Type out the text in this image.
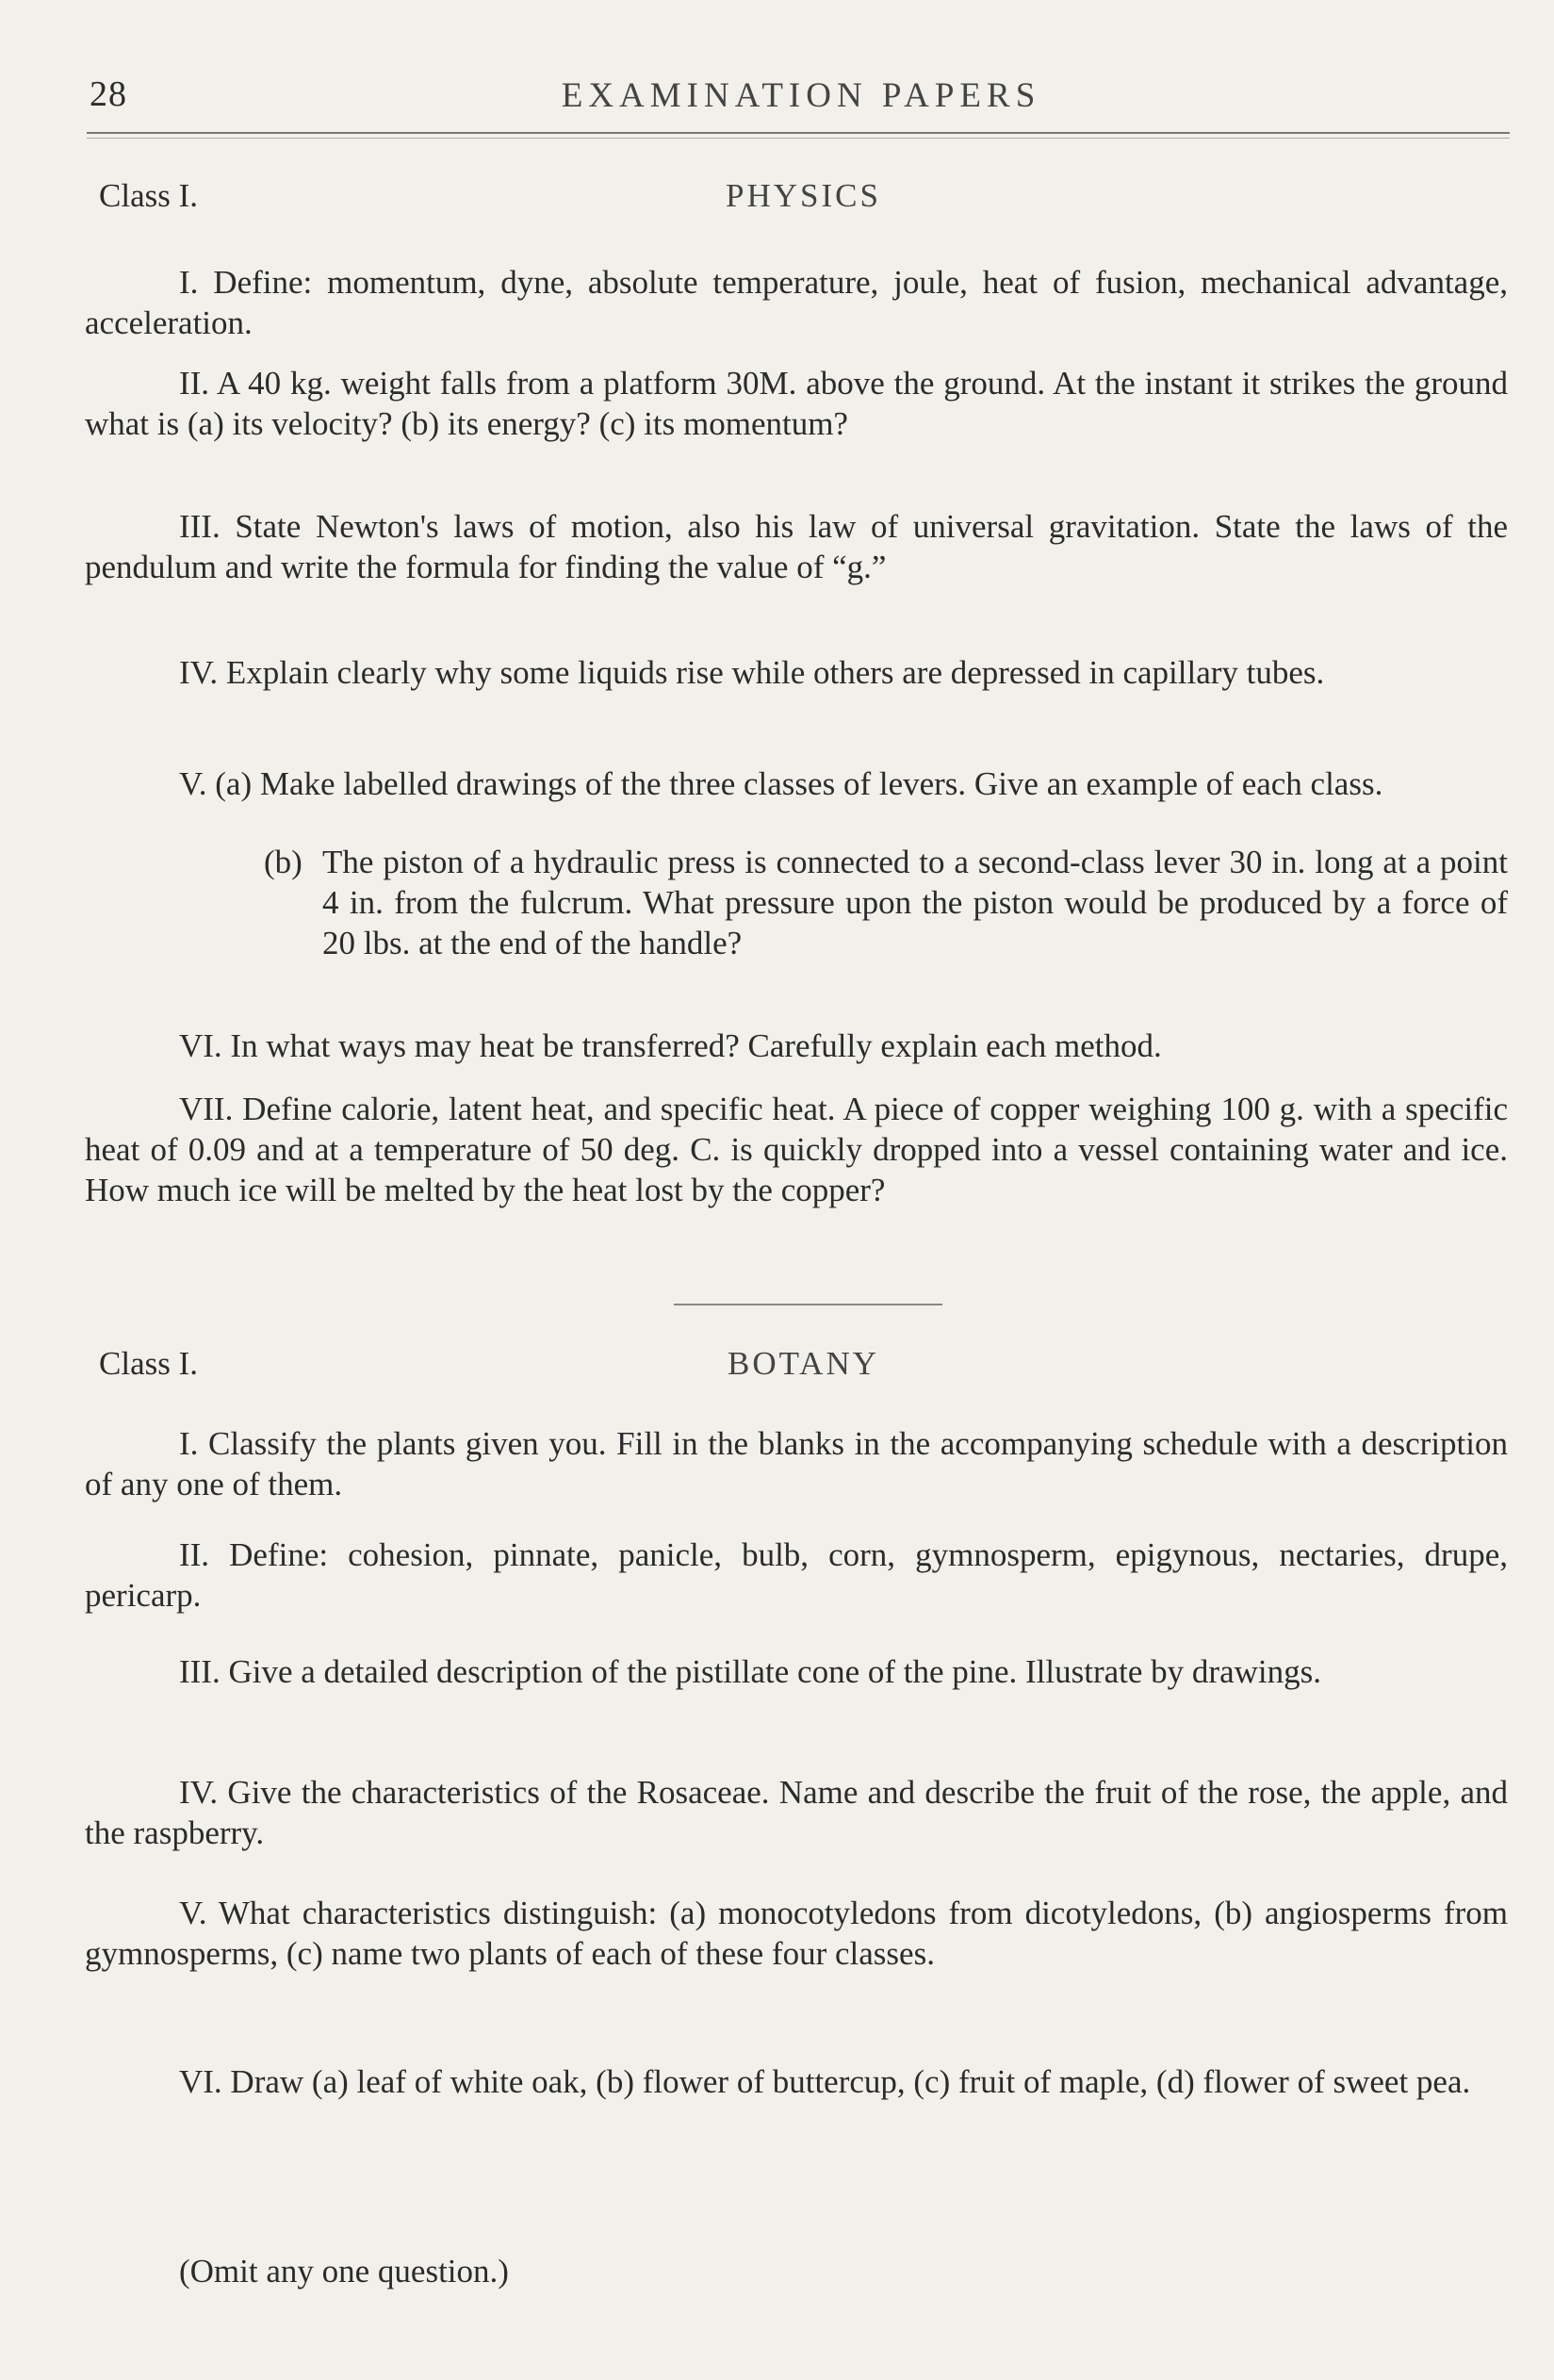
28	EXAMINATION PAPERS
Class I.	PHYSICS

I. Define: momentum, dyne, absolute temperature, joule, heat of fusion, mechanical advantage, acceleration.

II. A 40 kg. weight falls from a platform 30M. above the ground. At the instant it strikes the ground what is (a) its velocity? (b) its energy? (c) its momentum?

III. State Newton's laws of motion, also his law of universal gravitation. State the laws of the pendulum and write the formula for finding the value of “g.”

IV. Explain clearly why some liquids rise while others are depressed in capillary tubes.

V. (a) Make labelled drawings of the three classes of levers. Give an example of each class.

(b) The piston of a hydraulic press is connected to a second-class lever 30 in. long at a point 4 in. from the fulcrum. What pressure upon the piston would be produced by a force of 20 lbs. at the end of the handle?

VI. In what ways may heat be transferred? Carefully explain each method.

VII. Define calorie, latent heat, and specific heat. A piece of copper weighing 100 g. with a specific heat of 0.09 and at a temperature of 50 deg. C. is quickly dropped into a vessel containing water and ice. How much ice will be melted by the heat lost by the copper?

Class I.	BOTANY

I. Classify the plants given you. Fill in the blanks in the accompanying schedule with a description of any one of them.

II. Define: cohesion, pinnate, panicle, bulb, corn, gymnosperm, epigynous, nectaries, drupe, pericarp.

III. Give a detailed description of the pistillate cone of the pine. Illustrate by drawings.

IV. Give the characteristics of the Rosaceae. Name and describe the fruit of the rose, the apple, and the raspberry.

V. What characteristics distinguish: (a) monocotyledons from dicotyledons, (b) angiosperms from gymnosperms, (c) name two plants of each of these four classes.

VI. Draw (a) leaf of white oak, (b) flower of buttercup, (c) fruit of maple, (d) flower of sweet pea.

(Omit any one question.)
